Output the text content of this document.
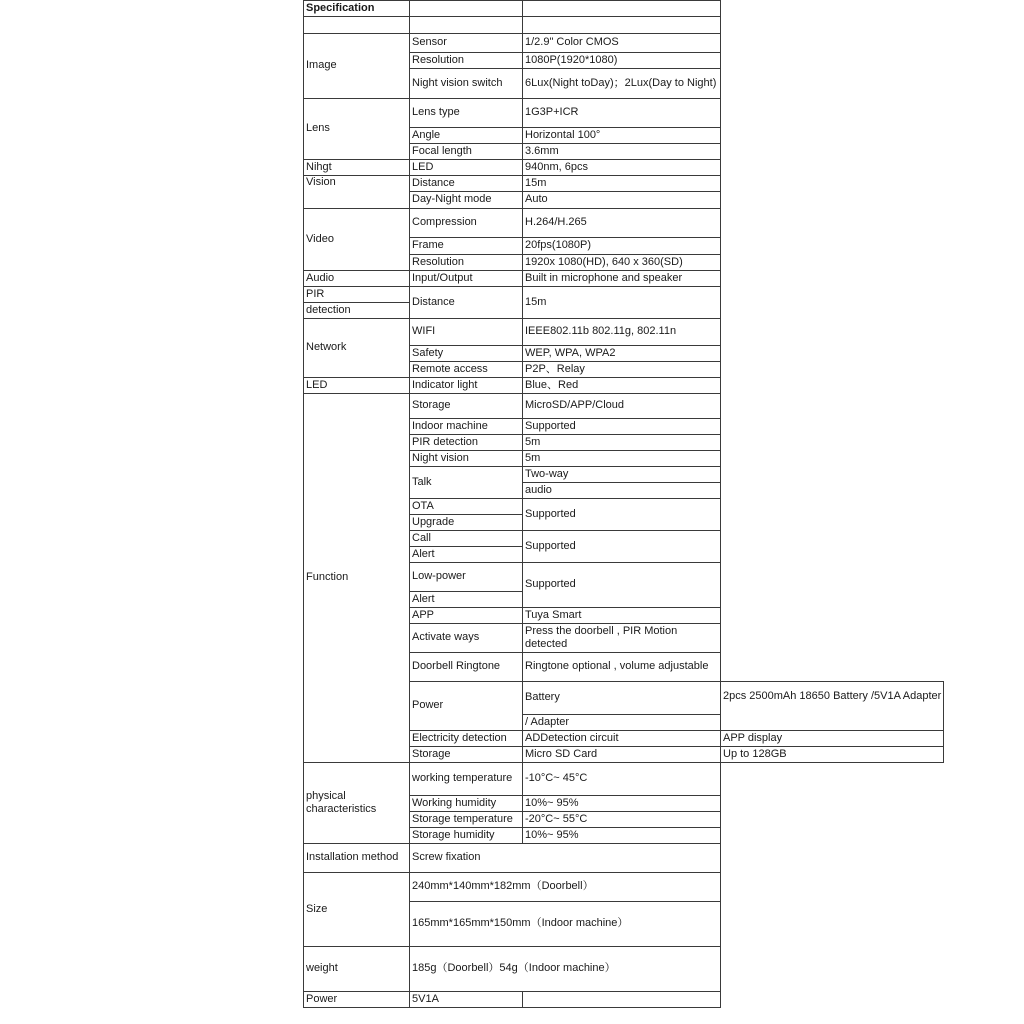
Specification			

Image	Sensor	1/2.9" Color CMOS	
	Resolution	1080P(1920*1080)	
	Night vision switch	6Lux(Night toDay)；2Lux(Day to Night)	
Lens	Lens type	1G3P+ICR	
	Angle	Horizontal 100°	
	Focal length	3.6mm	
Nihgt	LED	940nm, 6pcs	
Vision	Distance	15m	
	Day-Night mode	Auto	
Video	Compression	H.264/H.265	
	Frame	20fps(1080P)	
	Resolution	1920x 1080(HD), 640 x 360(SD)	
Audio	Input/Output	Built in microphone and speaker	
PIR	Distance	15m	
detection			
Network	WIFI	IEEE802.11b 802.11g, 802.11n	
	Safety	WEP, WPA, WPA2	
	Remote access	P2P、Relay	
LED	Indicator light	Blue、Red	
Function	Storage	MicroSD/APP/Cloud	
	Indoor machine	Supported	
	PIR detection	5m	
	Night vision	5m	
	Talk	Two-way	
		audio	
	OTA	Supported	
	Upgrade		
	Call	Supported	
	Alert		
	Low-power	Supported	
	Alert		
	APP	Tuya Smart	
	Activate ways	Press the doorbell , PIR Motion detected	
	Doorbell Ringtone	Ringtone optional , volume adjustable	
	Power	Battery	2pcs 2500mAh 18650 Battery /5V1A Adapter
		/ Adapter	
	Electricity detection	ADDetection circuit	APP display
	Storage	Micro SD Card	Up to 128GB
physical characteristics	working temperature	-10°C~ 45°C	
	Working humidity	10%~ 95%	
	Storage temperature	-20°C~ 55°C	
	Storage humidity	10%~ 95%	
Installation method	Screw fixation		
Size	240mm*140mm*182mm（Doorbell）		
	165mm*165mm*150mm（Indoor machine）		
weight	185g（Doorbell）54g（Indoor machine）		
Power	5V1A		
